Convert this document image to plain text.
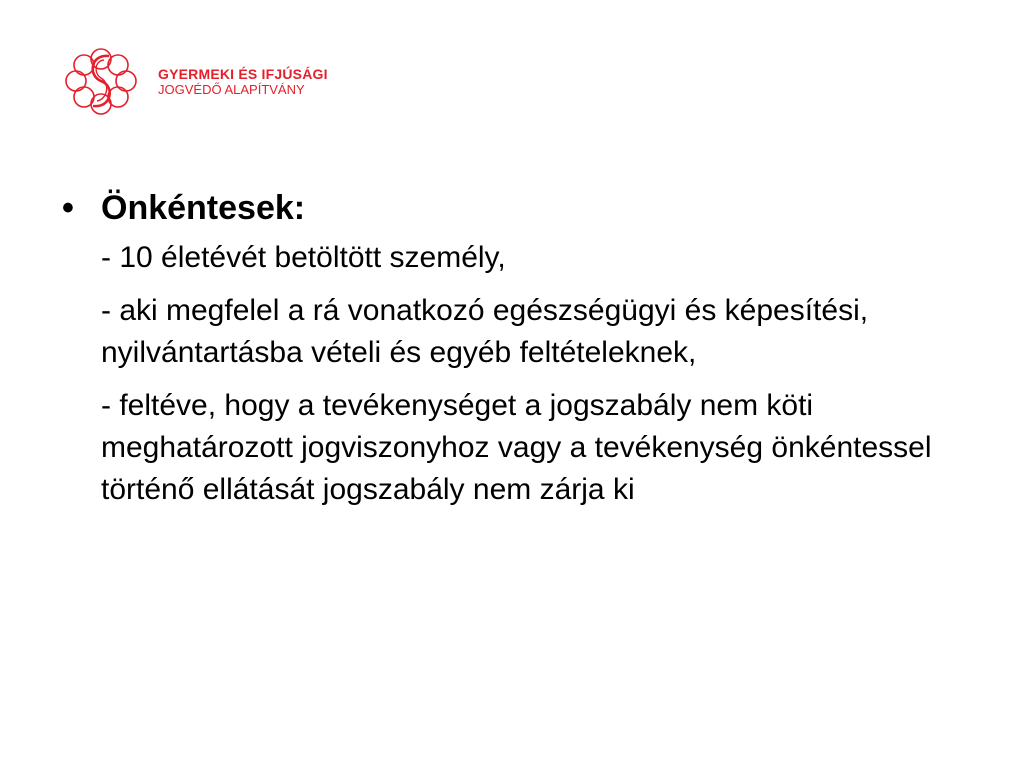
GYERMEKI ÉS IFJÚSÁGI
JOGVÉDŐ ALAPÍTVÁNY
• Önkéntesek:
- 10 életévét betöltött személy,
- aki megfelel a rá vonatkozó egészségügyi és képesítési, nyilvántartásba vételi és egyéb feltételeknek,
- feltéve, hogy a tevékenységet a jogszabály nem köti meghatározott jogviszonyhoz vagy a tevékenység önkéntessel történő ellátását jogszabály nem zárja ki
